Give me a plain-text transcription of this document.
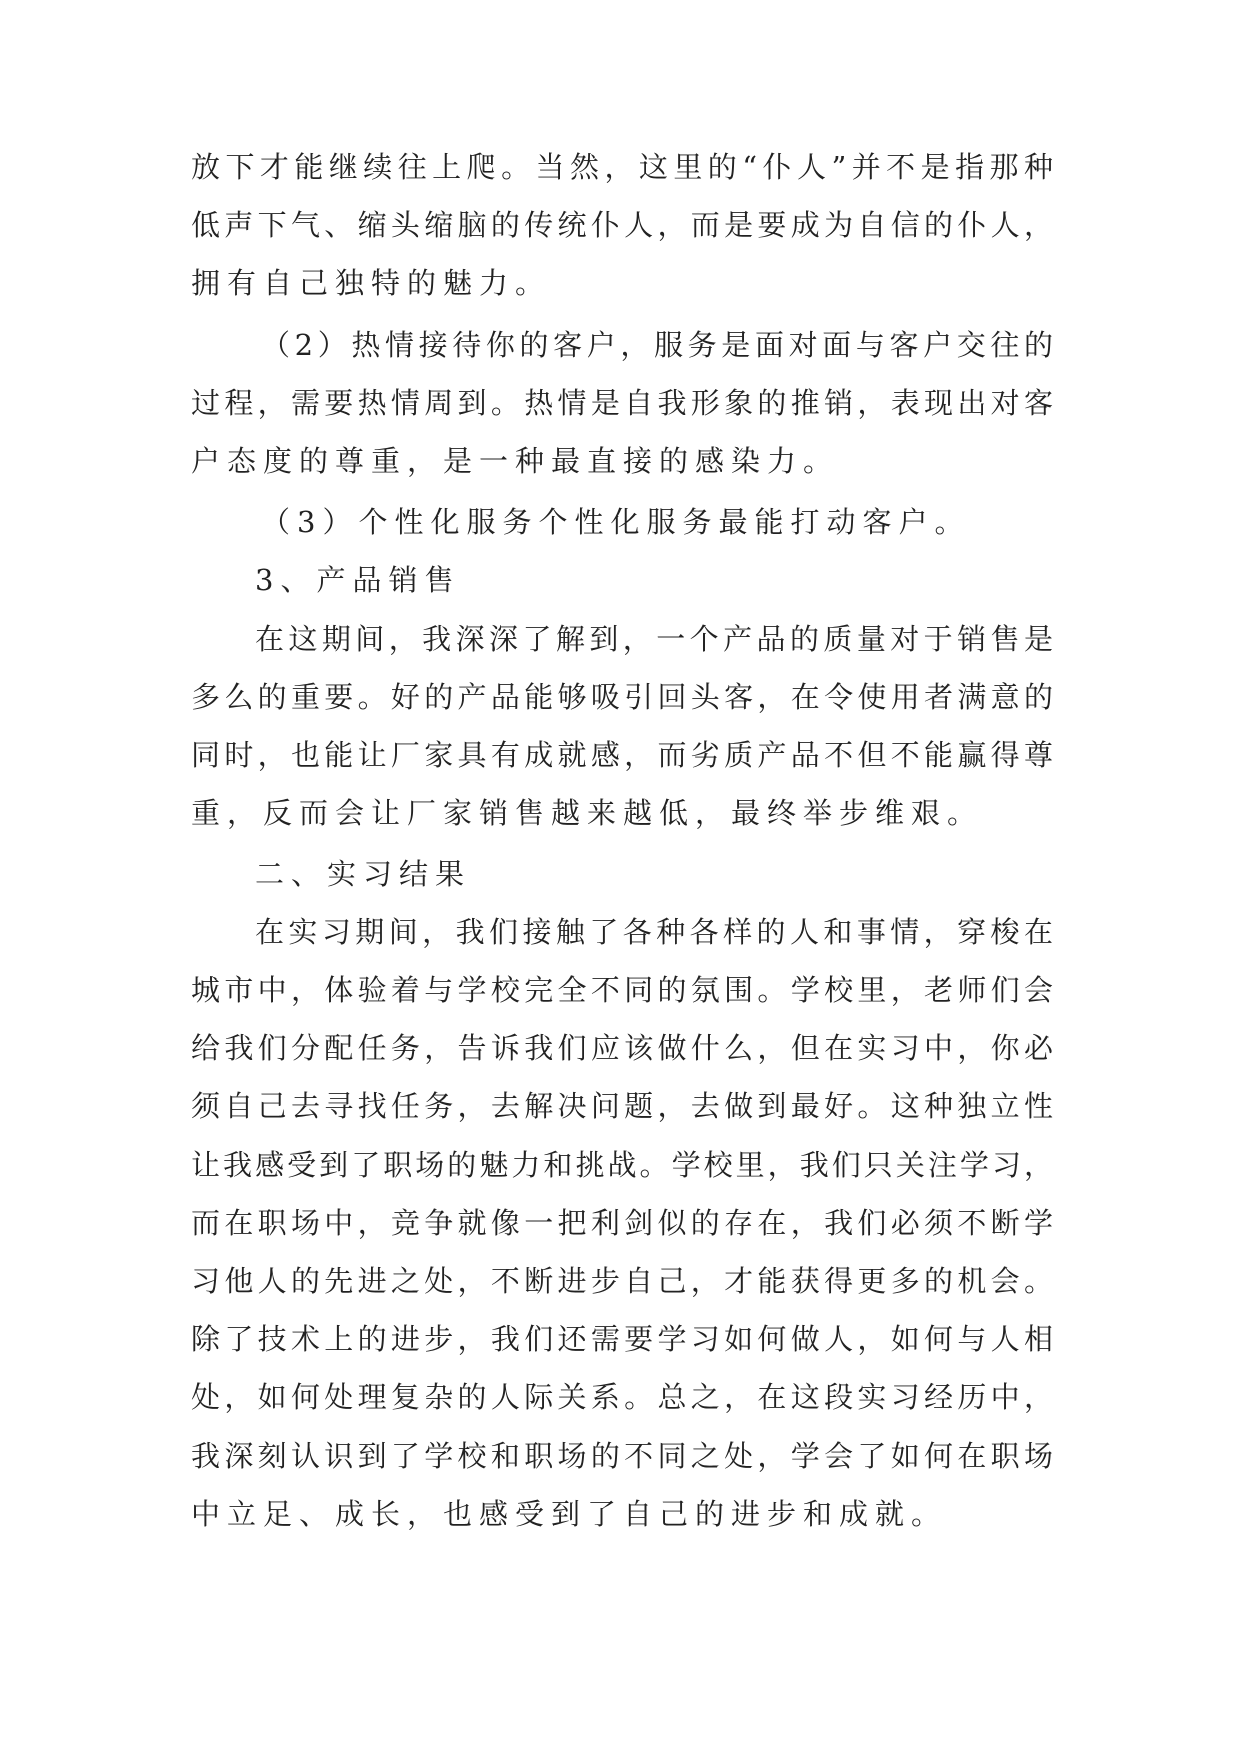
放下才能继续往上爬。当然，这里的“仆人”并不是指那种
低声下气、缩头缩脑的传统仆人，而是要成为自信的仆人，
拥有自己独特的魅力。
（2）热情接待你的客户，服务是面对面与客户交往的
过程，需要热情周到。热情是自我形象的推销，表现出对客
户态度的尊重，是一种最直接的感染力。
（3）个性化服务个性化服务最能打动客户。
3、产品销售
在这期间，我深深了解到，一个产品的质量对于销售是
多么的重要。好的产品能够吸引回头客，在令使用者满意的
同时，也能让厂家具有成就感，而劣质产品不但不能赢得尊
重，反而会让厂家销售越来越低，最终举步维艰。
二、实习结果
在实习期间，我们接触了各种各样的人和事情，穿梭在
城市中，体验着与学校完全不同的氛围。学校里，老师们会
给我们分配任务，告诉我们应该做什么，但在实习中，你必
须自己去寻找任务，去解决问题，去做到最好。这种独立性
让我感受到了职场的魅力和挑战。学校里，我们只关注学习，
而在职场中，竞争就像一把利剑似的存在，我们必须不断学
习他人的先进之处，不断进步自己，才能获得更多的机会。
除了技术上的进步，我们还需要学习如何做人，如何与人相
处，如何处理复杂的人际关系。总之，在这段实习经历中，
我深刻认识到了学校和职场的不同之处，学会了如何在职场
中立足、成长，也感受到了自己的进步和成就。
